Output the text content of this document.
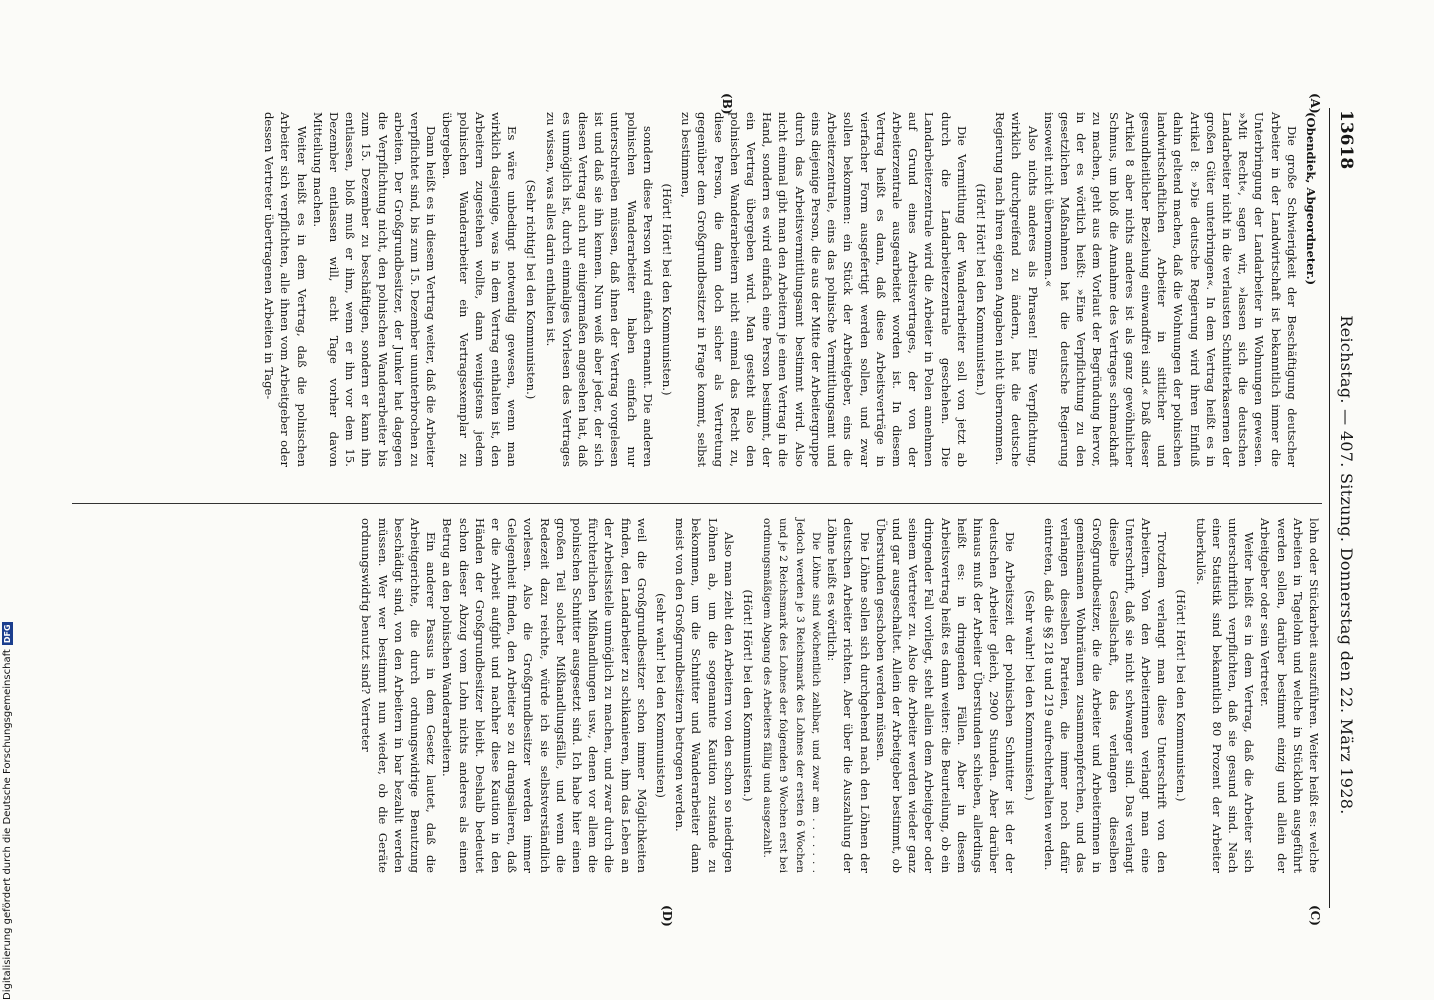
13618
Reichstag. — 407. Sitzung. Donnerstag den 22. März 1928.
(A)
(B)
(C)
(D)

(Obendiek, Abgeordneter.)

Die große Schwierigkeit der Beschäftigung deutscher Arbeiter in der Landwirtschaft ist bekanntlich immer die Unterbringung der Landarbeiter in Wohnungen gewesen. »Mit Recht«, sagen wir, »lassen sich die deutschen Landarbeiter nicht in die verlausten Schnitterkasernen der großen Güter unterbringen«. In dem Vertrag heißt es in Artikel 8: »Die deutsche Regierung wird ihren Einfluß dahin geltend machen, daß die Wohnungen der polnischen landwirtschaftlichen Arbeiter in sittlicher und gesundheitlicher Beziehung einwandfrei sind.« Daß dieser Artikel 8 aber nichts anderes ist als ganz gewöhnlicher Schmus, um bloß die Annahme des Vertrages schmackhaft zu machen, geht aus dem Vorlaut der Begründung hervor, in der es wörtlich heißt: »Eine Verpflichtung zu den gesetzlichen Maßnahmen hat die deutsche Regierung insoweit nicht übernommen.«

Also nichts anderes als Phrasen! Eine Verpflichtung, wirklich durchgreifend zu ändern, hat die deutsche Regierung nach ihren eigenen Angaben nicht übernommen.

(Hört! Hört! bei den Kommunisten.)

Die Vermittlung der Wanderarbeiter soll von jetzt ab durch die Landarbeiterzentrale geschehen. Die Landarbeiterzentrale wird die Arbeiter in Polen annehmen auf Grund eines Arbeitsvertrages, der von der Arbeiterzentrale ausgearbeitet worden ist. In diesem Vertrag heißt es dann, daß diese Arbeitsverträge in vierfacher Form ausgefertigt werden sollen, und zwar sollen bekommen: ein Stück der Arbeitgeber, eins die Arbeiterzentrale, eins das polnische Vermittlungsamt und eins diejenige Person, die aus der Mitte der Arbeitergruppe durch das Arbeitsvermittlungsamt bestimmt wird. Also nicht einmal gibt man den Arbeitern je einen Vertrag in die Hand, sondern es wird einfach eine Person bestimmt, der ein Vertrag übergeben wird. Man gesteht also den polnischen Wanderarbeitern nicht einmal das Recht zu, diese Person, die dann doch sicher als Vertretung gegenüber dem Großgrundbesitzer in Frage kommt, selbst zu bestimmen,

(Hört! Hört! bei den Kommunisten.)

sondern diese Person wird einfach ernannt. Die anderen polnischen Wanderarbeiter haben einfach nur unterschreiben müssen, daß ihnen der Vertrag vorgelesen ist und daß sie ihn kennen. Nun weiß aber jeder, der sich diesen Vertrag auch nur einigermaßen angesehen hat, daß es unmöglich ist, durch einmaliges Vorlesen des Vertrages zu wissen, was alles darin enthalten ist.

(Sehr richtig! bei den Kommunisten.)

Es wäre unbedingt notwendig gewesen, wenn man wirklich dasjenige, was in dem Vertrag enthalten ist, den Arbeitern zugestehen wollte, dann wenigstens jedem polnischen Wanderarbeiter ein Vertragsexemplar zu übergeben.

Dann heißt es in diesem Vertrag weiter, daß die Arbeiter verpflichtet sind, bis zum 15. Dezember ununterbrochen zu arbeiten. Der Großgrundbesitzer, der Junker hat dagegen die Verpflichtung nicht, den polnischen Wanderarbeiter bis zum 15. Dezember zu beschäftigen, sondern er kann ihn entlassen, bloß muß er ihm, wenn er ihn vor dem 15. Dezember entlassen will, acht Tage vorher davon Mitteilung machen.

Weiter heißt es in dem Vertrag, daß die polnischen Arbeiter sich verpflichten, alle ihnen vom Arbeitgeber oder dessen Vertreter übertragenen Arbeiten in Tage-

lohn oder Stückarbeit auszuführen. Weiter heißt es: welche Arbeiten in Tagelohn und welche in Stücklohn ausgeführt werden sollen, darüber bestimmt einzig und allein der Arbeitgeber oder sein Vertreter.

Weiter heißt es in dem Vertrag, daß die Arbeiter sich unterschriftlich verpflichten, daß sie gesund sind. Nach einer Statistik sind bekanntlich 80 Prozent der Arbeiter tuberkulös.

(Hört! Hört! bei den Kommunisten.)

Trotzdem verlangt man diese Unterschrift von den Arbeitern. Von den Arbeiterinnen verlangt man eine Unterschrift, daß sie nicht schwanger sind. Das verlangt dieselbe Gesellschaft, das verlangen dieselben Großgrundbesitzer, die die Arbeiter und Arbeiterinnen in gemeinsamen Wohnräumen zusammenpferchen, und das verlangen dieselben Parteien, die immer noch dafür eintreten, daß die §§ 218 und 219 aufrechterhalten werden.

(Sehr wahr! bei den Kommunisten.)

Die Arbeitszeit der polnischen Schnitter ist der der deutschen Arbeiter gleich, 2900 Stunden. Aber darüber hinaus muß der Arbeiter Überstunden schieben, allerdings heißt es: in dringenden Fällen. Aber in diesem Arbeitsvertrag heißt es dann weiter: die Beurteilung, ob ein dringender Fall vorliegt, steht allein dem Arbeitgeber oder seinem Vertreter zu. Also die Arbeiter werden wieder ganz und gar ausgeschaltet. Allein der Arbeitgeber bestimmt, ob Überstunden geschoben werden müssen.

Die Löhne sollen sich durchgehend nach den Löhnen der deutschen Arbeiter richten. Aber über die Auszahlung der Löhne heißt es wörtlich:

Die Löhne sind wöchentlich zahlbar, und zwar am . . . . . . . Jedoch werden je 3 Reichsmark des Lohnes der ersten 6 Wochen und je 2 Reichsmark des Lohnes der folgenden 9 Wochen erst bei ordnungsmäßigem Abgang des Arbeiters fällig und ausgezahlt.

(Hört! Hört! bei den Kommunisten.)

Also man zieht den Arbeitern von den schon so niedrigen Löhnen ab, um die sogenannte Kaution zustande zu bekommen, um die Schnitter und Wanderarbeiter dann meist von den Großgrundbesitzern betrogen werden.

(sehr wahr! bei den Kommunisten)

weil die Großgrundbesitzer schon immer Möglichkeiten finden, den Landarbeiter zu schikanieren, ihm das Leben an der Arbeitsstelle unmöglich zu machen, und zwar durch die fürchterlichen Mißhandlungen usw., denen vor allem die polnischen Schnitter ausgesetzt sind. Ich habe hier einen großen Teil solcher Mißhandlungsfälle, und wenn die Redezeit dazu reichte, würde ich sie selbstverständlich vorlesen. Also die Großgrundbesitzer werden immer Gelegenheit finden, den Arbeiter so zu drangsalieren, daß er die Arbeit aufgibt und nachher diese Kaution in den Händen der Großgrundbesitzer bleibt. Deshalb bedeutet schon dieser Abzug vom Lohn nichts anderes als einen Betrug an den polnischen Wanderarbeitern.

Ein anderer Passus in dem Gesetz lautet, daß die Arbeitgerichte, die durch ordnungswidrige Benutzung beschädigt sind, von den Arbeitern in bar bezahlt werden müssen. Wer wer bestimmt nun wieder, ob die Geräte ordnungswidrig benutzt sind? Vertreter

Digitalisierung gefördert durch die Deutsche Forschungsgemeinschaft
DFG
